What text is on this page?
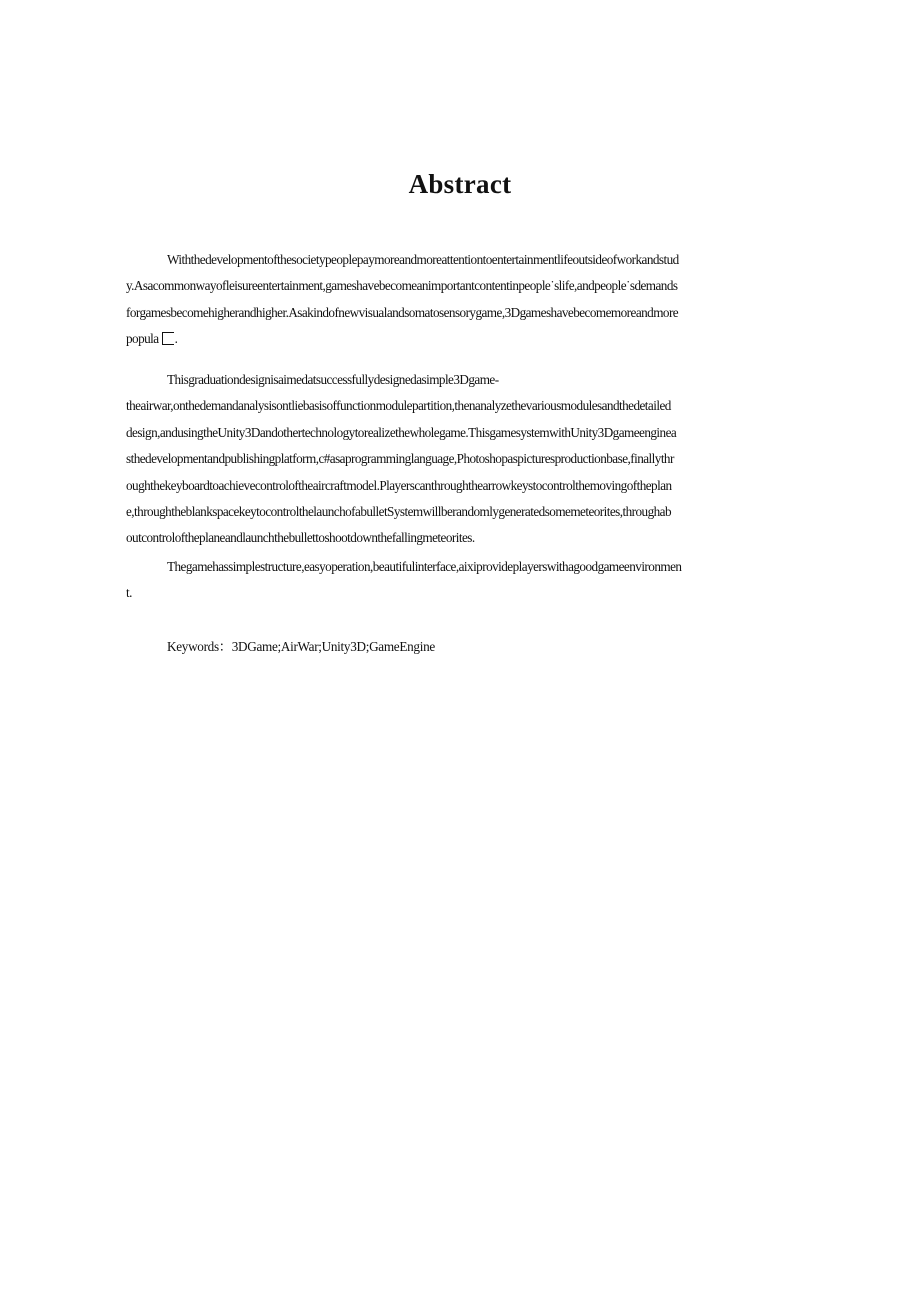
Abstract
Withthedevelopmentofthesocietypeoplepaymoreandmoreattentiontoentertainmentlifeoutsideofworkandstud
y.Asacommonwayofleisureentertainment,gameshavebecomeanimportantcontentinpeople˙slife,andpeople˙sdemands
forgamesbecomehigherandhigher.Asakindofnewvisualandsomatosensorygame,3Dgameshavebecomemoreandmore
popula .
Thisgraduationdesignisaimedatsuccessfullydesignedasimple3Dgame-
theairwar,onthedemandanalysisontliebasisoffunctionmodulepartition,thenanalyzethevariousmodulesandthedetailed
design,andusingtheUnity3Dandothertechnologytorealizethewholegame.ThisgamesystemwithUnity3Dgameenginea
sthedevelopmentandpublishingplatform,c#asaprogramminglanguage,Photoshopaspicturesproductionbase,finallythr
oughthekeyboardtoachievecontroloftheaircraftmodel.Playerscanthroughthearrowkeystocontrolthemovingoftheplan
e,throughtheblankspacekeytocontrolthelaunchofabulletSystemwillberandomlygeneratedsomemeteorites,throughab
outcontroloftheplaneandlaunchthebullettoshootdownthefallingmeteorites.
Thegamehassimplestructure,easyoperation,beautifulinterface,aixiprovideplayerswithagoodgameenvironmen
t.
Keywords：3DGame;AirWar;Unity3D;GameEngine
